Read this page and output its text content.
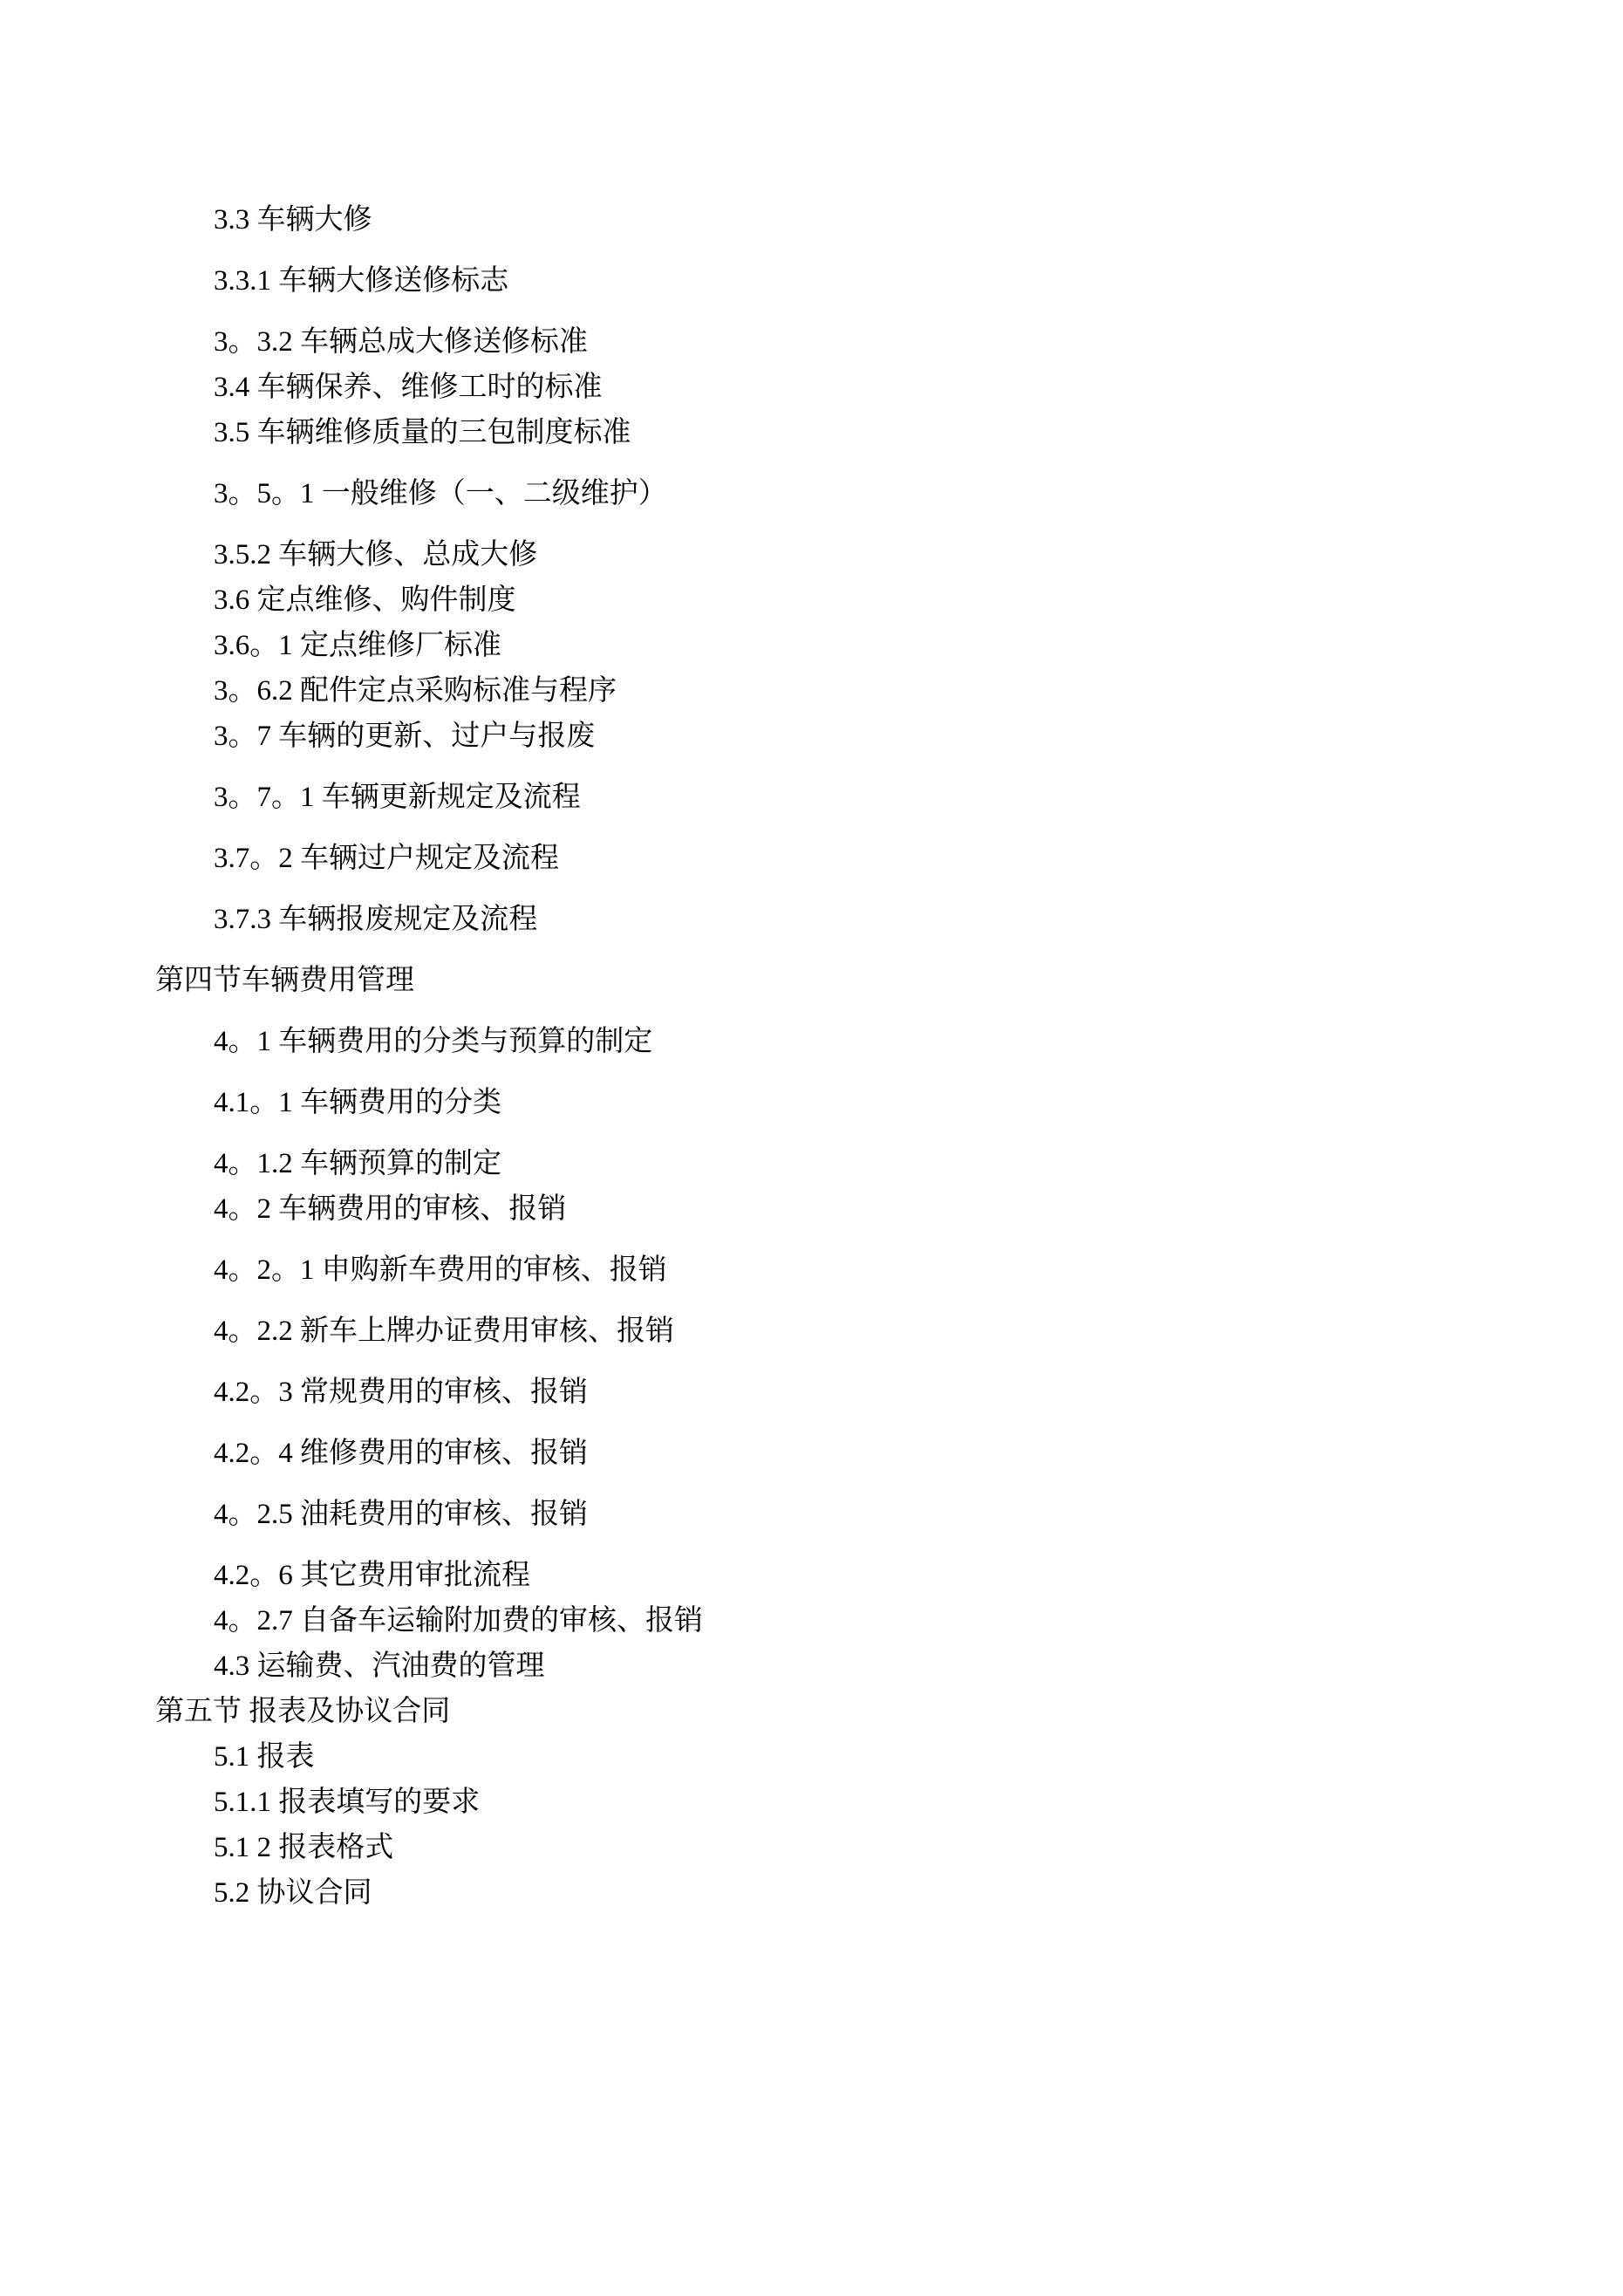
3.3 车辆大修

3.3.1 车辆大修送修标志

3。3.2 车辆总成大修送修标准

3.4 车辆保养、维修工时的标准

3.5 车辆维修质量的三包制度标准

3。5。1 一般维修（一、二级维护）

3.5.2 车辆大修、总成大修

3.6 定点维修、购件制度

3.6。1 定点维修厂标准

3。6.2 配件定点采购标准与程序

3。7 车辆的更新、过户与报废

3。7。1 车辆更新规定及流程

3.7。2 车辆过户规定及流程

3.7.3 车辆报废规定及流程

第四节车辆费用管理

4。1 车辆费用的分类与预算的制定

4.1。1 车辆费用的分类

4。1.2 车辆预算的制定

4。2 车辆费用的审核、报销

4。2。1 申购新车费用的审核、报销

4。2.2 新车上牌办证费用审核、报销

4.2。3 常规费用的审核、报销

4.2。4 维修费用的审核、报销

4。2.5 油耗费用的审核、报销

4.2。6 其它费用审批流程

4。2.7 自备车运输附加费的审核、报销

4.3 运输费、汽油费的管理

第五节 报表及协议合同

5.1 报表

5.1.1 报表填写的要求

5.1 2 报表格式

5.2 协议合同
